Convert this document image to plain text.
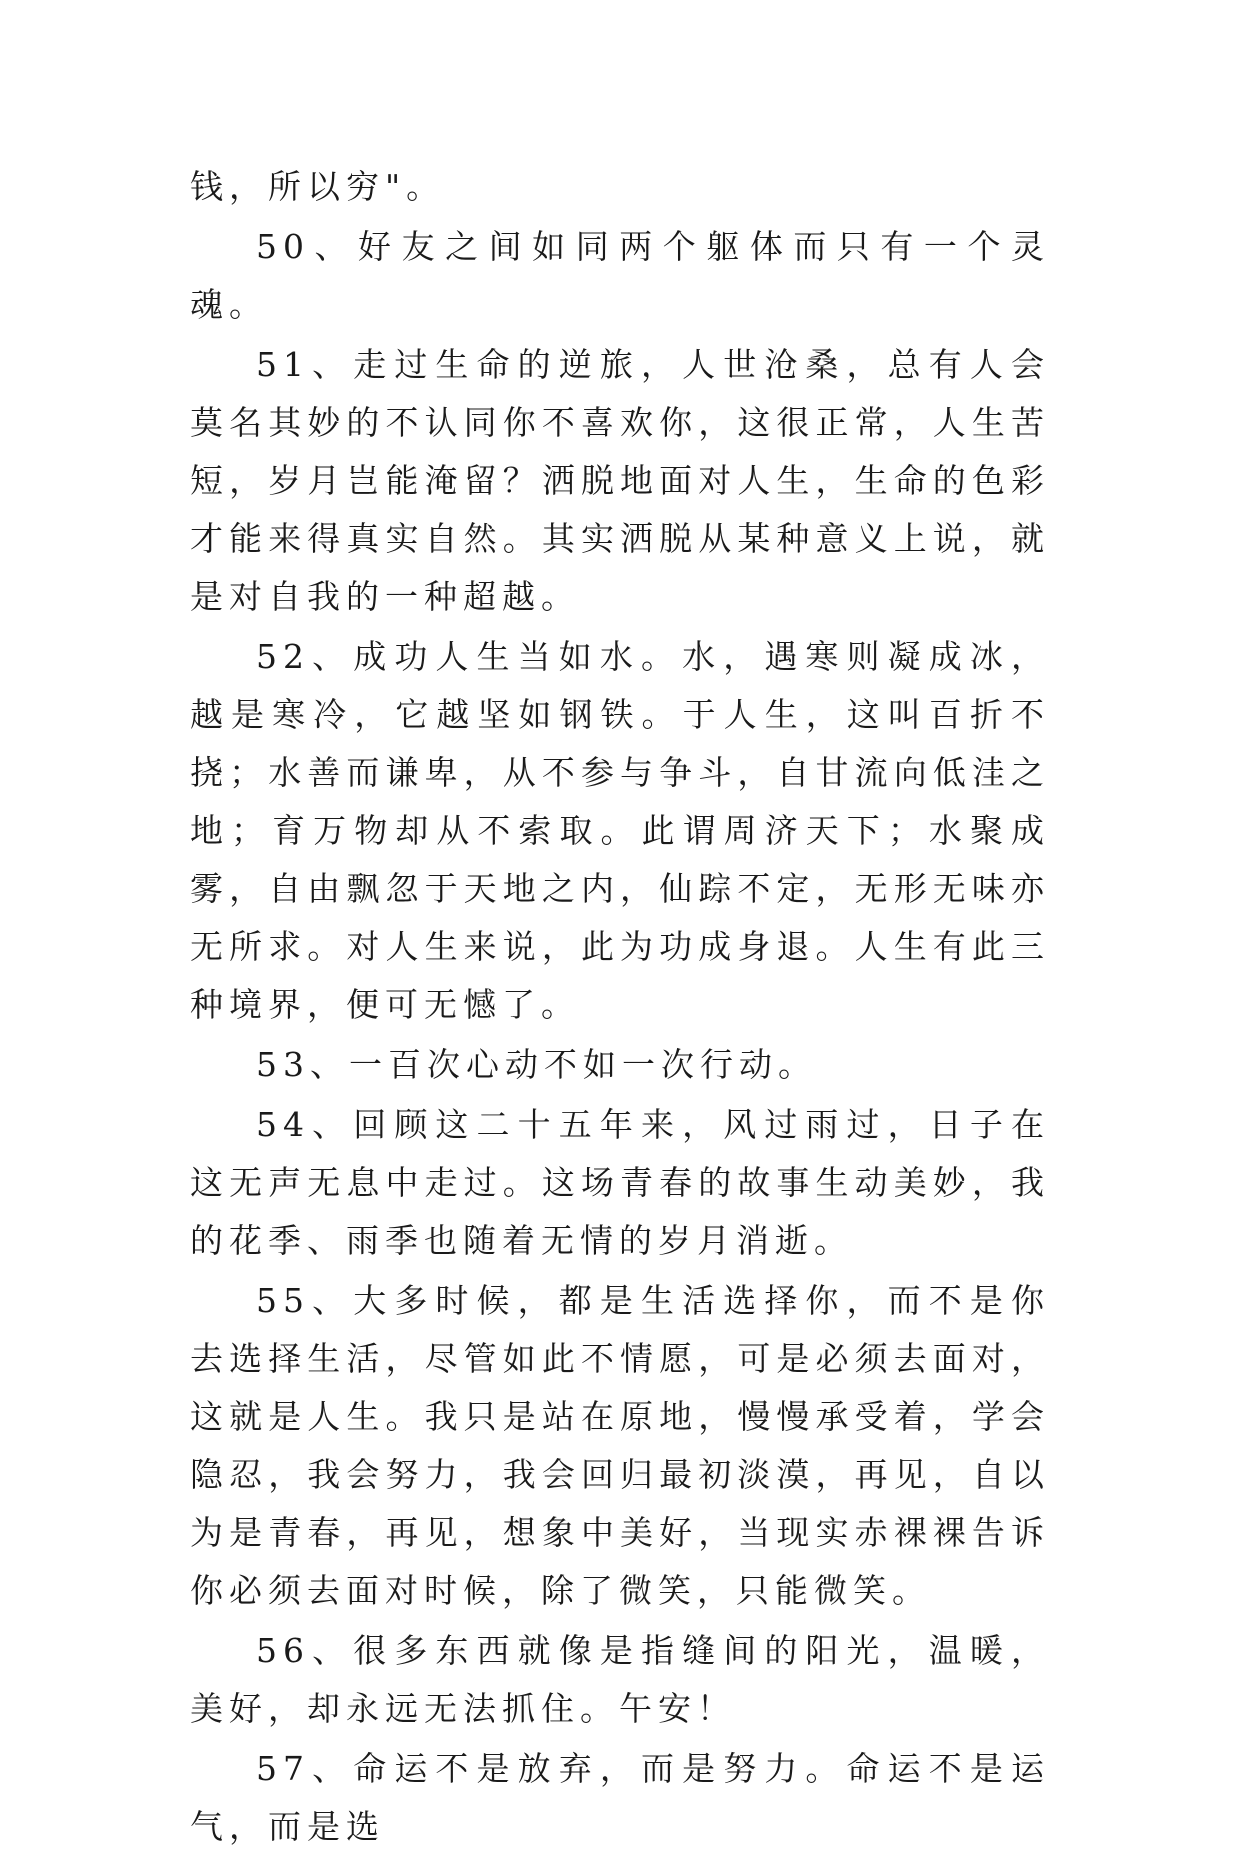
钱，所以穷"。

50、好友之间如同两个躯体而只有一个灵魂。

51、走过生命的逆旅，人世沧桑，总有人会莫名其妙的不认同你不喜欢你，这很正常，人生苦短，岁月岂能淹留？洒脱地面对人生，生命的色彩才能来得真实自然。其实洒脱从某种意义上说，就是对自我的一种超越。

52、成功人生当如水。水，遇寒则凝成冰，越是寒冷，它越坚如钢铁。于人生，这叫百折不挠；水善而谦卑，从不参与争斗，自甘流向低洼之地；育万物却从不索取。此谓周济天下；水聚成雾，自由飘忽于天地之内，仙踪不定，无形无味亦无所求。对人生来说，此为功成身退。人生有此三种境界，便可无憾了。

53、一百次心动不如一次行动。

54、回顾这二十五年来，风过雨过，日子在这无声无息中走过。这场青春的故事生动美妙，我的花季、雨季也随着无情的岁月消逝。

55、大多时候，都是生活选择你，而不是你去选择生活，尽管如此不情愿，可是必须去面对，这就是人生。我只是站在原地，慢慢承受着，学会隐忍，我会努力，我会回归最初淡漠，再见，自以为是青春，再见，想象中美好，当现实赤裸裸告诉你必须去面对时候，除了微笑，只能微笑。

56、很多东西就像是指缝间的阳光，温暖，美好，却永远无法抓住。午安！

57、命运不是放弃，而是努力。命运不是运气，而是选
